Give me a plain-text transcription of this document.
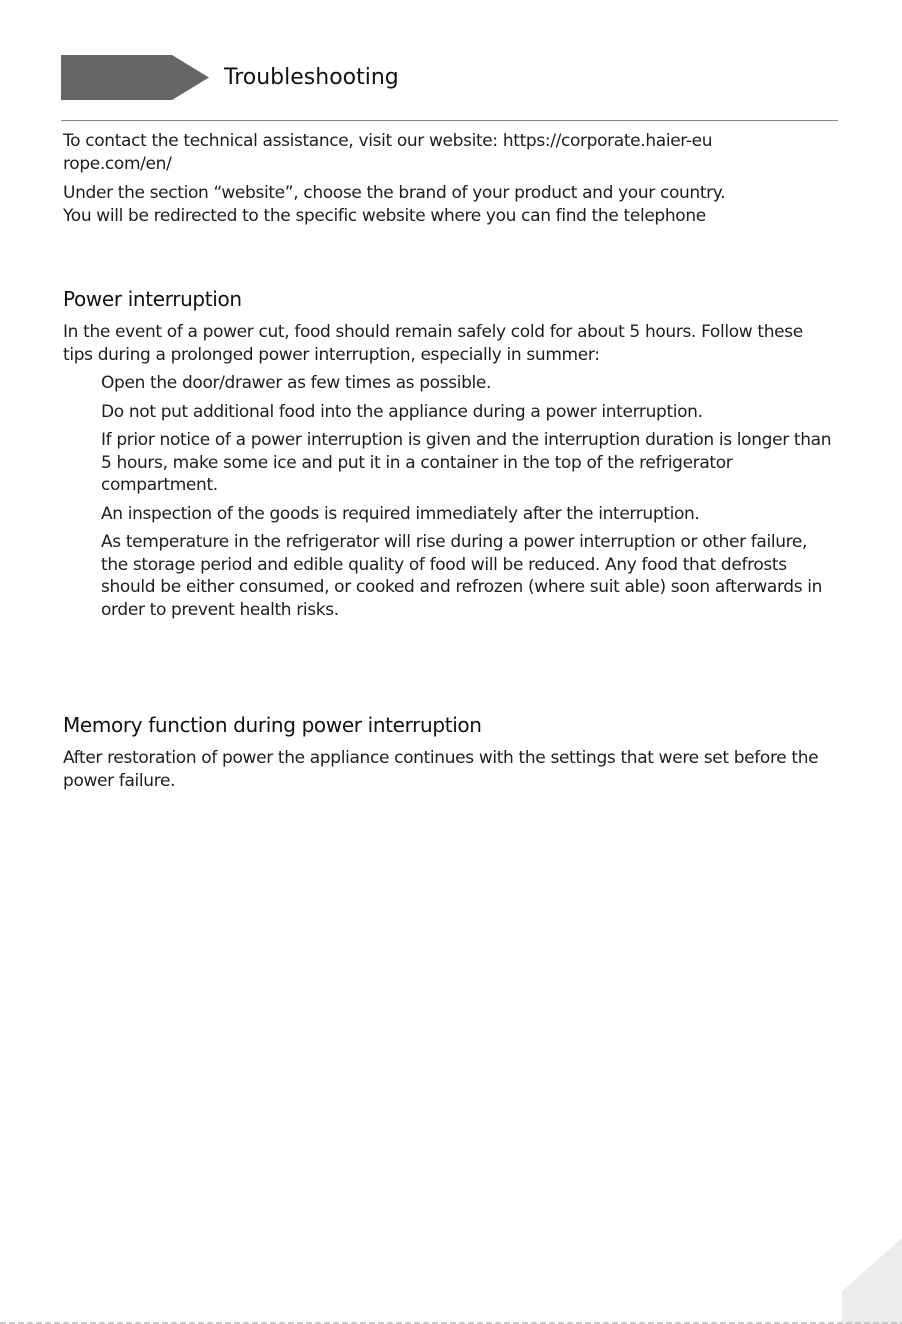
Troubleshooting

To contact the technical assistance, visit our website: https://corporate.haier-eu
rope.com/en/

Under the section “website”, choose the brand of your product and your country.
You will be redirected to the specific website where you can find the telephone

Power interruption

In the event of a power cut, food should remain safely cold for about 5 hours. Follow these tips during a prolonged power interruption, especially in summer:

Open the door/drawer as few times as possible.
Do not put additional food into the appliance during a power interruption.
If prior notice of a power interruption is given and the interruption duration is longer than 5 hours, make some ice and put it in a container in the top of the refrigerator compartment.
An inspection of the goods is required immediately after the interruption.
As temperature in the refrigerator will rise during a power interruption or other failure, the storage period and edible quality of food will be reduced. Any food that defrosts should be either consumed, or cooked and refrozen (where suit able) soon afterwards in order to prevent health risks.
Memory function during power interruption

After restoration of power the appliance continues with the settings that were set before the power failure.
